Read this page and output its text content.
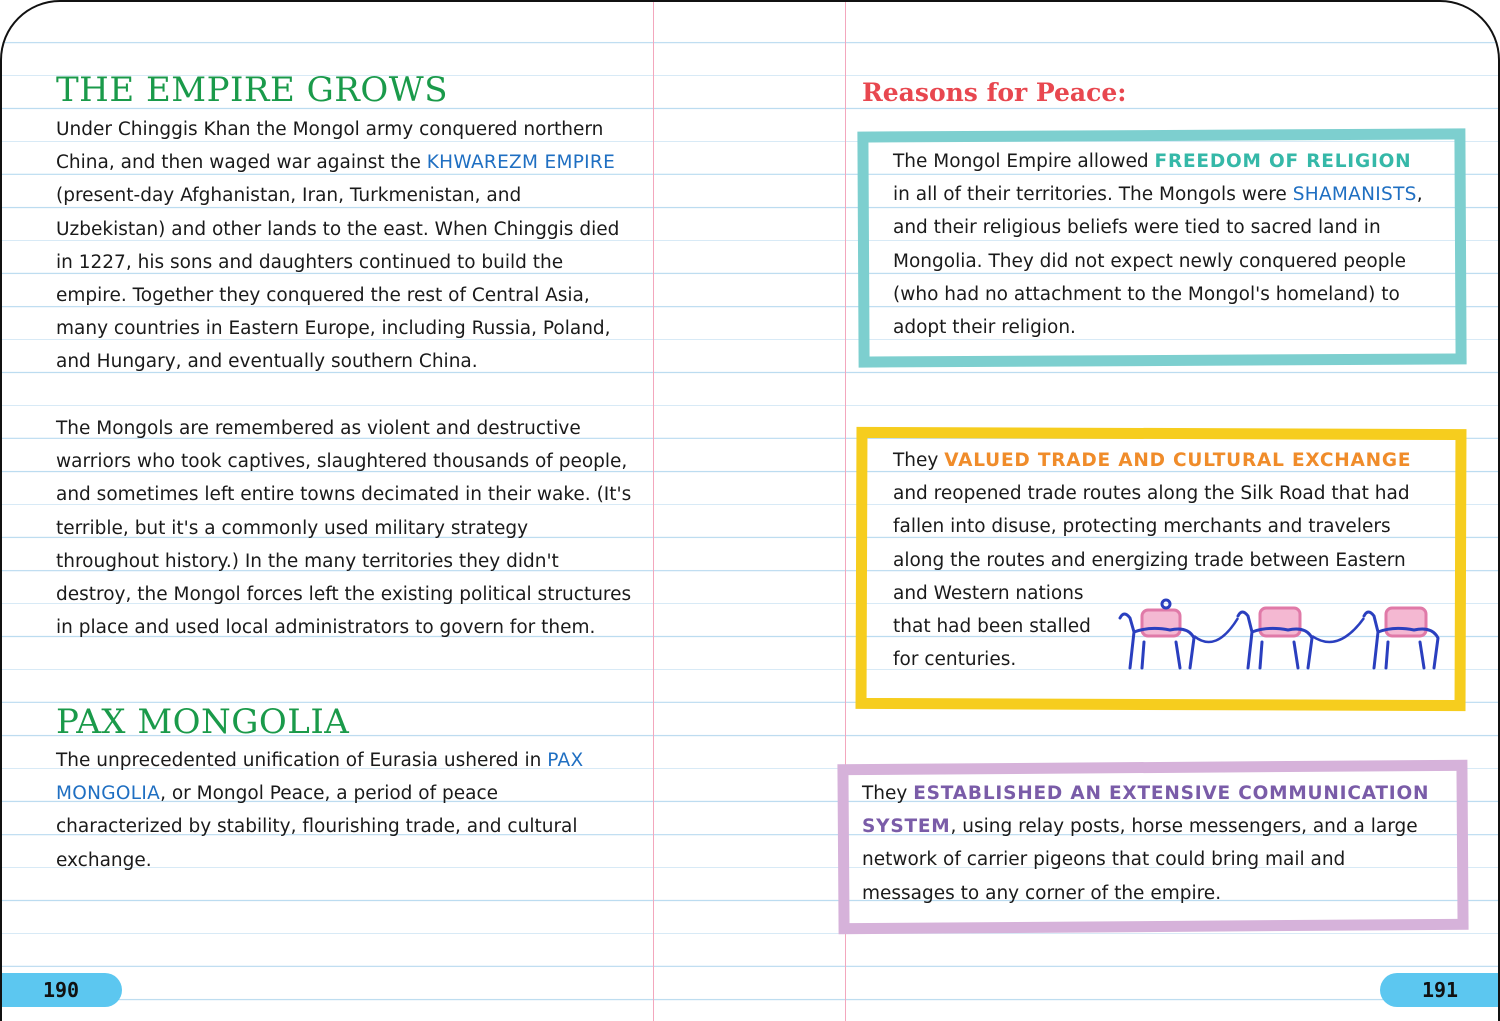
THE EMPIRE GROWS

Under Chinggis Khan the Mongol army conquered northern China, and then waged war against the KHWAREZM EMPIRE (present-day Afghanistan, Iran, Turkmenistan, and Uzbekistan) and other lands to the east. When Chinggis died in 1227, his sons and daughters continued to build the empire. Together they conquered the rest of Central Asia, many countries in Eastern Europe, including Russia, Poland, and Hungary, and eventually southern China.

The Mongols are remembered as violent and destructive warriors who took captives, slaughtered thousands of people, and sometimes left entire towns decimated in their wake. (It's terrible, but it's a commonly used military strategy throughout history.) In the many territories they didn't destroy, the Mongol forces left the existing political structures in place and used local administrators to govern for them.

PAX MONGOLIA

The unprecedented unification of Eurasia ushered in PAX MONGOLIA, or Mongol Peace, a period of peace characterized by stability, flourishing trade, and cultural exchange.

190
Reasons for Peace:

The Mongol Empire allowed FREEDOM OF RELIGION in all of their territories. The Mongols were SHAMANISTS, and their religious beliefs were tied to sacred land in Mongolia. They did not expect newly conquered people (who had no attachment to the Mongol's homeland) to adopt their religion.

They VALUED TRADE AND CULTURAL EXCHANGE and reopened trade routes along the Silk Road that had fallen into disuse, protecting merchants and travelers along the routes and energizing trade between Eastern

and Western nations
that had been stalled
for centuries.

They ESTABLISHED AN EXTENSIVE COMMUNICATION SYSTEM, using relay posts, horse messengers, and a large network of carrier pigeons that could bring mail and messages to any corner of the empire.

191
